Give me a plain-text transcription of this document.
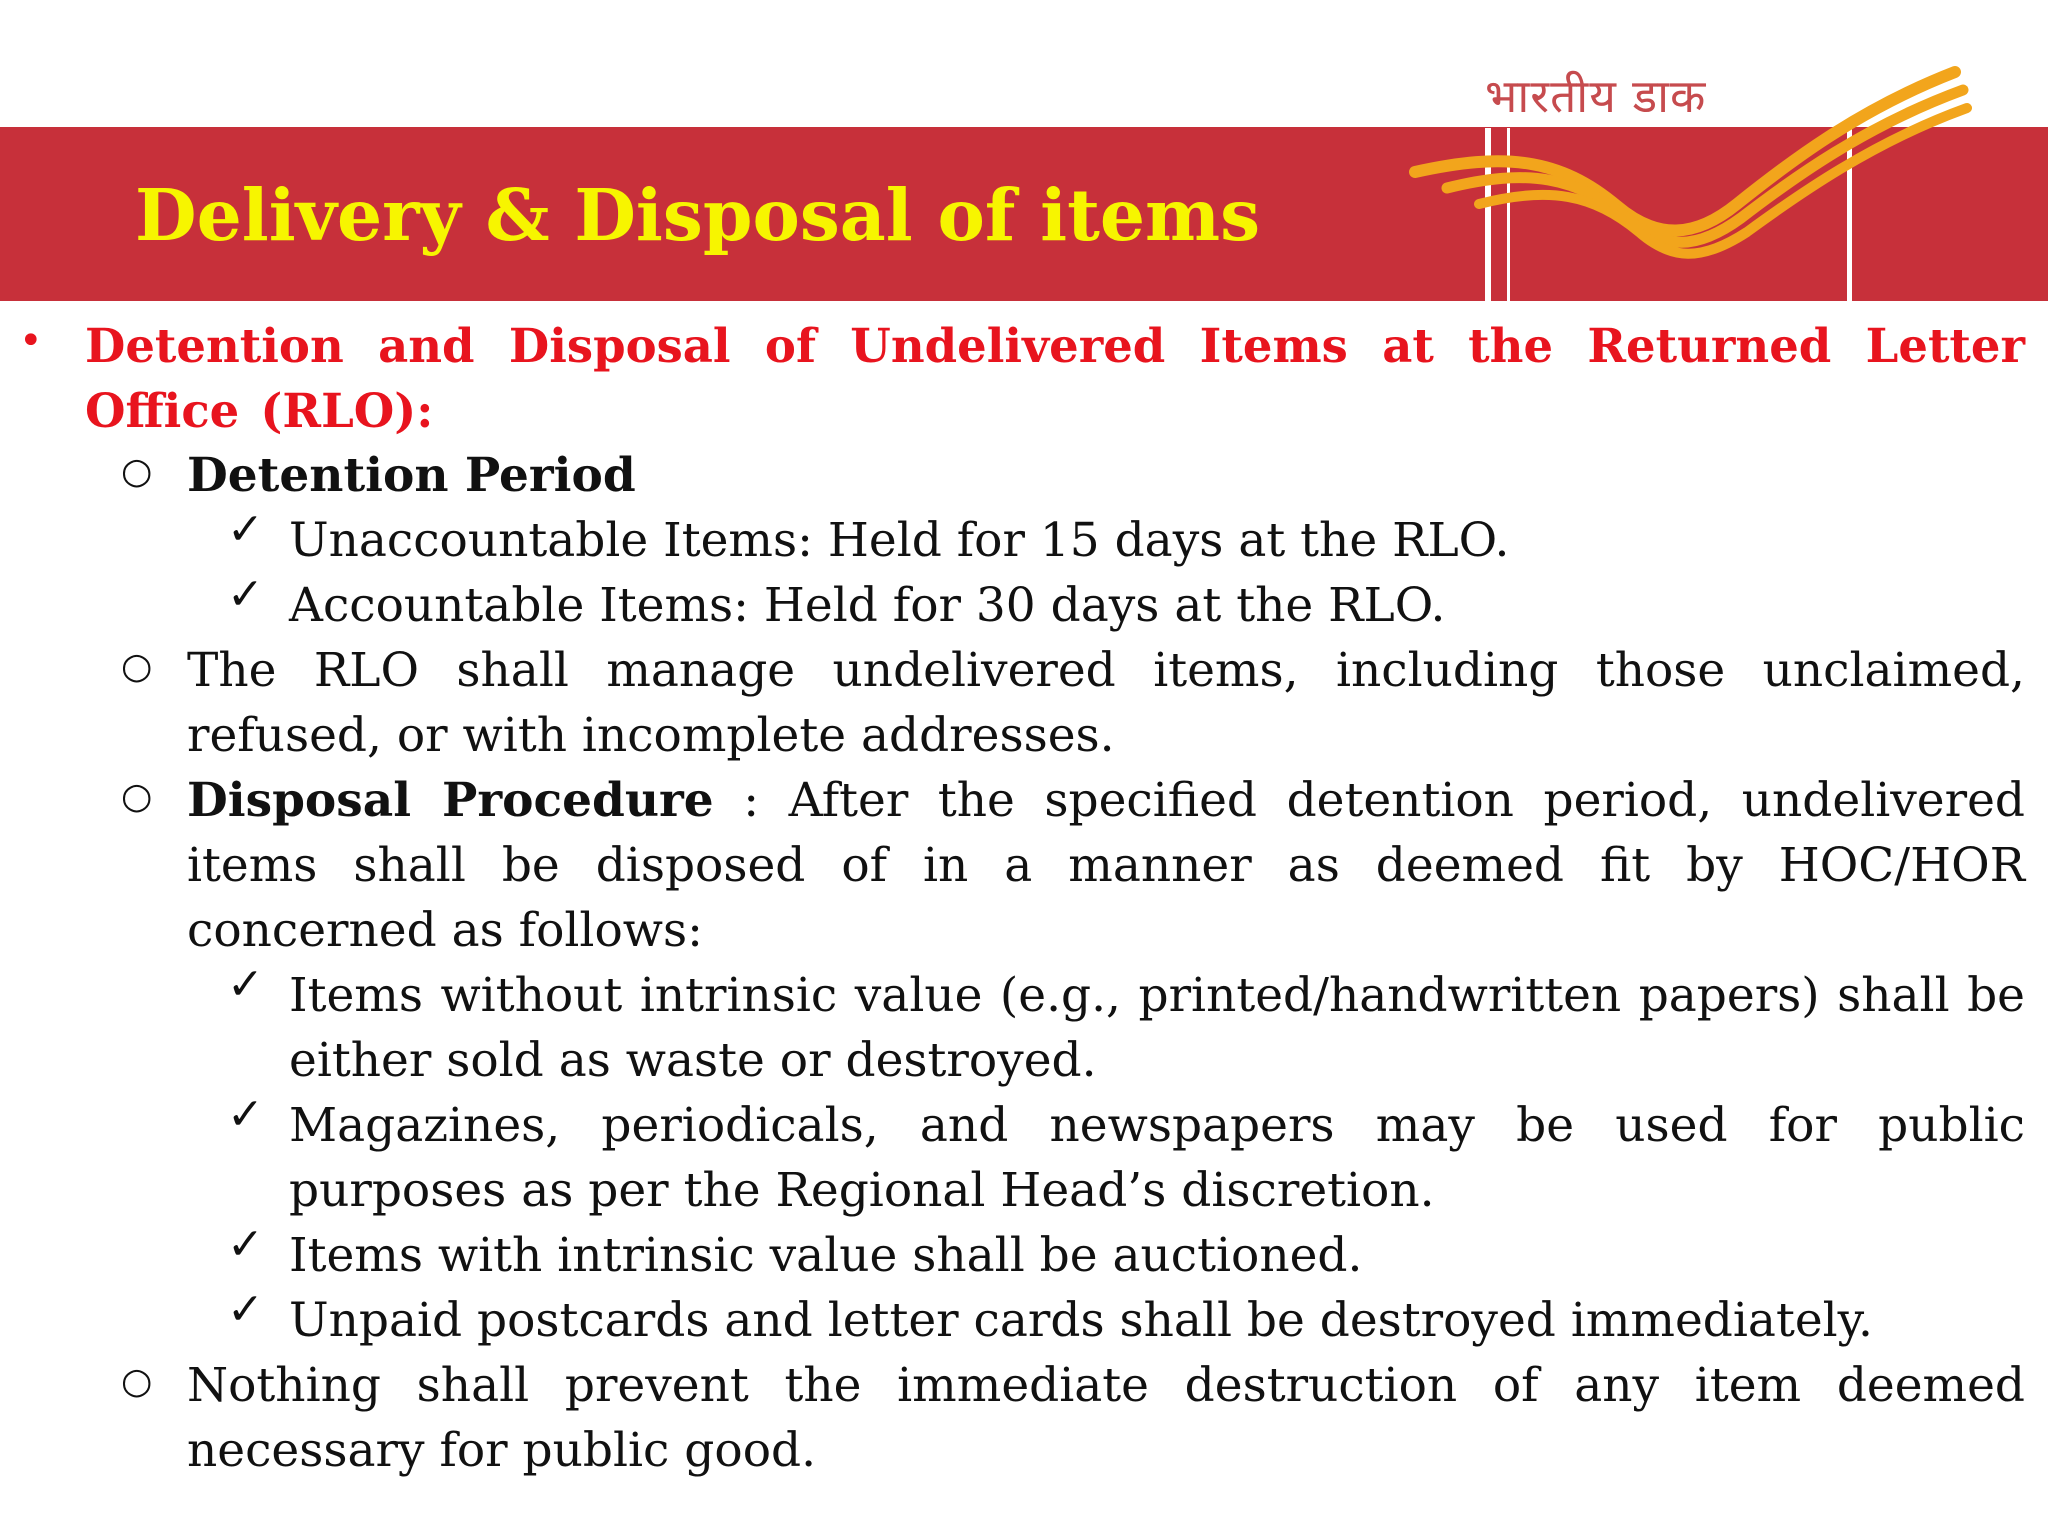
Delivery & Disposal of items
भारतीय डाक

• Detention and Disposal of Undelivered Items at the Returned Letter Office (RLO):

○ Detention Period

✓ Unaccountable Items: Held for 15 days at the RLO.

✓ Accountable Items: Held for 30 days at the RLO.

○ The RLO shall manage undelivered items, including those unclaimed, refused, or with incomplete addresses.

○ Disposal Procedure : After the specified detention period, undelivered items shall be disposed of in a manner as deemed fit by HOC/HOR concerned as follows:

✓ Items without intrinsic value (e.g., printed/handwritten papers) shall be either sold as waste or destroyed.

✓ Magazines, periodicals, and newspapers may be used for public purposes as per the Regional Head’s discretion.

✓ Items with intrinsic value shall be auctioned.

✓ Unpaid postcards and letter cards shall be destroyed immediately.

○ Nothing shall prevent the immediate destruction of any item deemed necessary for public good.
